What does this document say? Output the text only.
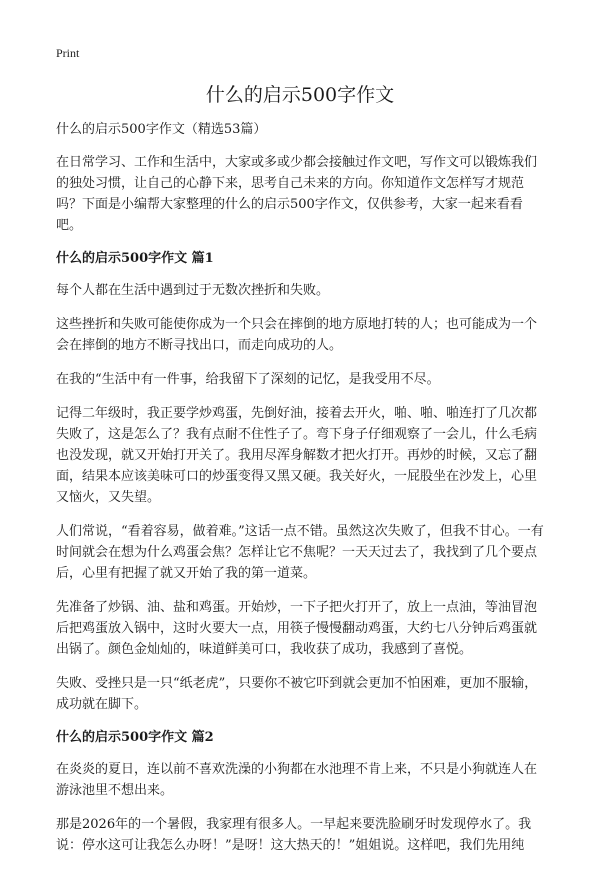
Print
什么的启示500字作文
什么的启示500字作文（精选53篇）

在日常学习、工作和生活中，大家或多或少都会接触过作文吧，写作文可以锻炼我们的独处习惯，让自己的心静下来，思考自己未来的方向。你知道作文怎样写才规范吗？下面是小编帮大家整理的什么的启示500字作文，仅供参考，大家一起来看看吧。

什么的启示500字作文 篇1

每个人都在生活中遇到过于无数次挫折和失败。

这些挫折和失败可能使你成为一个只会在摔倒的地方原地打转的人；也可能成为一个会在摔倒的地方不断寻找出口，而走向成功的人。

在我的“生活中有一件事，给我留下了深刻的记忆，是我受用不尽。

记得二年级时，我正要学炒鸡蛋，先倒好油，接着去开火，啪、啪、啪连打了几次都失败了，这是怎么了？我有点耐不住性子了。弯下身子仔细观察了一会儿，什么毛病也没发现，就又开始打开关了。我用尽浑身解数才把火打开。再炒的时候，又忘了翻面，结果本应该美味可口的炒蛋变得又黑又硬。我关好火，一屁股坐在沙发上，心里又恼火，又失望。

人们常说，“看着容易，做着难。”这话一点不错。虽然这次失败了，但我不甘心。一有时间就会在想为什么鸡蛋会焦？怎样让它不焦呢？一天天过去了，我找到了几个要点后，心里有把握了就又开始了我的第一道菜。

先准备了炒锅、油、盐和鸡蛋。开始炒，一下子把火打开了，放上一点油，等油冒泡后把鸡蛋放入锅中，这时火要大一点，用筷子慢慢翻动鸡蛋，大约七八分钟后鸡蛋就出锅了。颜色金灿灿的，味道鲜美可口，我收获了成功，我感到了喜悦。

失败、受挫只是一只“纸老虎”，只要你不被它吓到就会更加不怕困难，更加不服输，成功就在脚下。

什么的启示500字作文 篇2

在炎炎的夏日，连以前不喜欢洗澡的小狗都在水池理不肯上来，不只是小狗就连人在游泳池里不想出来。

那是2026年的一个暑假，我家理有很多人。一早起来要洗脸刷牙时发现停水了。我说：停水这可让我怎么办呀！”是呀！这大热天的！”姐姐说。这样吧，我们先用纯
